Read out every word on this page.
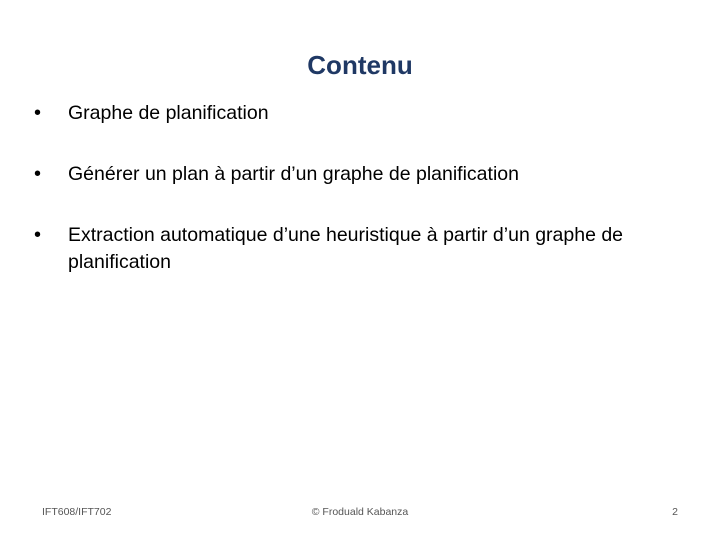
Contenu
•	Graphe de planification
•	Générer un plan à partir d’un graphe de planification
•	Extraction automatique d’une heuristique à partir d’un graphe de planification
IFT608/IFT702	© Froduald Kabanza	2
